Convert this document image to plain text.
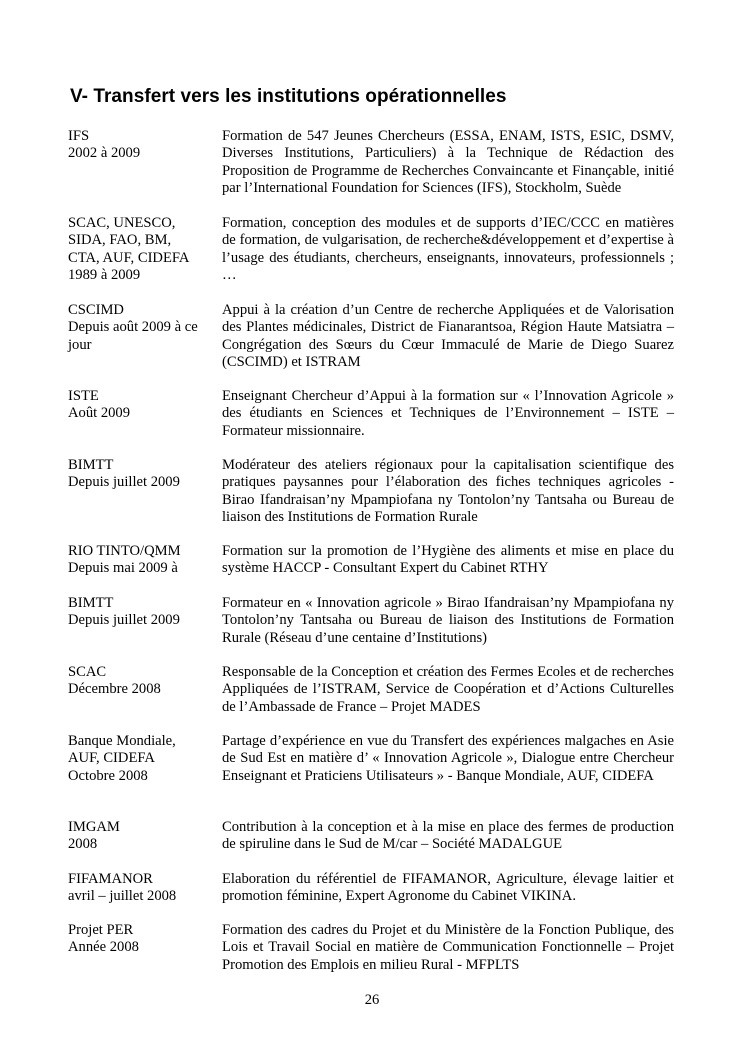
V- Transfert vers les institutions opérationnelles
IFS
2002 à 2009
Formation de 547 Jeunes Chercheurs (ESSA, ENAM, ISTS, ESIC, DSMV, Diverses Institutions, Particuliers) à la Technique de Rédaction des Proposition de Programme de Recherches Convaincante et Finançable, initié par l’International Foundation for Sciences (IFS), Stockholm, Suède
SCAC, UNESCO,
SIDA, FAO, BM,
CTA, AUF, CIDEFA
1989 à 2009
Formation, conception des modules et de supports d’IEC/CCC en matières de formation, de vulgarisation, de recherche&développement et d’expertise à l’usage des étudiants, chercheurs, enseignants, innovateurs, professionnels ; …
CSCIMD
Depuis août 2009 à ce
jour
Appui à la création d’un Centre de recherche Appliquées et de Valorisation des Plantes médicinales, District de Fianarantsoa, Région Haute Matsiatra – Congrégation des Sœurs du Cœur Immaculé de Marie de Diego Suarez (CSCIMD) et ISTRAM
ISTE
Août 2009
Enseignant Chercheur d’Appui à la formation sur « l’Innovation Agricole » des étudiants en Sciences et Techniques de l’Environnement – ISTE – Formateur missionnaire.
BIMTT
Depuis juillet 2009
Modérateur des ateliers régionaux pour la capitalisation scientifique des pratiques paysannes pour l’élaboration des fiches techniques agricoles - Birao Ifandraisan’ny Mpampiofana ny Tontolon’ny Tantsaha ou Bureau de liaison des Institutions de Formation Rurale
RIO TINTO/QMM
Depuis mai 2009 à
Formation sur la promotion de l’Hygiène des aliments et mise en place du système HACCP - Consultant Expert du Cabinet RTHY
BIMTT
Depuis juillet 2009
Formateur en « Innovation agricole » Birao Ifandraisan’ny Mpampiofana ny Tontolon’ny Tantsaha ou Bureau de liaison des Institutions de Formation Rurale (Réseau d’une centaine d’Institutions)
SCAC
Décembre 2008
Responsable de la Conception et création des Fermes Ecoles et de recherches Appliquées de l’ISTRAM, Service de Coopération et d’Actions Culturelles de l’Ambassade de France – Projet MADES
Banque Mondiale,
AUF, CIDEFA
Octobre 2008
Partage d’expérience en vue du Transfert des expériences malgaches en Asie de Sud Est en matière d’ « Innovation Agricole », Dialogue entre Chercheur Enseignant et Praticiens Utilisateurs » - Banque Mondiale, AUF, CIDEFA
IMGAM
2008
Contribution à la conception et à la mise en place des fermes de production de spiruline dans le Sud de M/car – Société MADALGUE
FIFAMANOR
avril – juillet 2008
Elaboration du référentiel de FIFAMANOR, Agriculture, élevage laitier et promotion féminine, Expert Agronome du Cabinet VIKINA.
Projet PER
Année 2008
Formation des cadres du Projet et du Ministère de la Fonction Publique, des Lois et Travail Social en matière de Communication Fonctionnelle – Projet Promotion des Emplois en milieu Rural - MFPLTS
26
